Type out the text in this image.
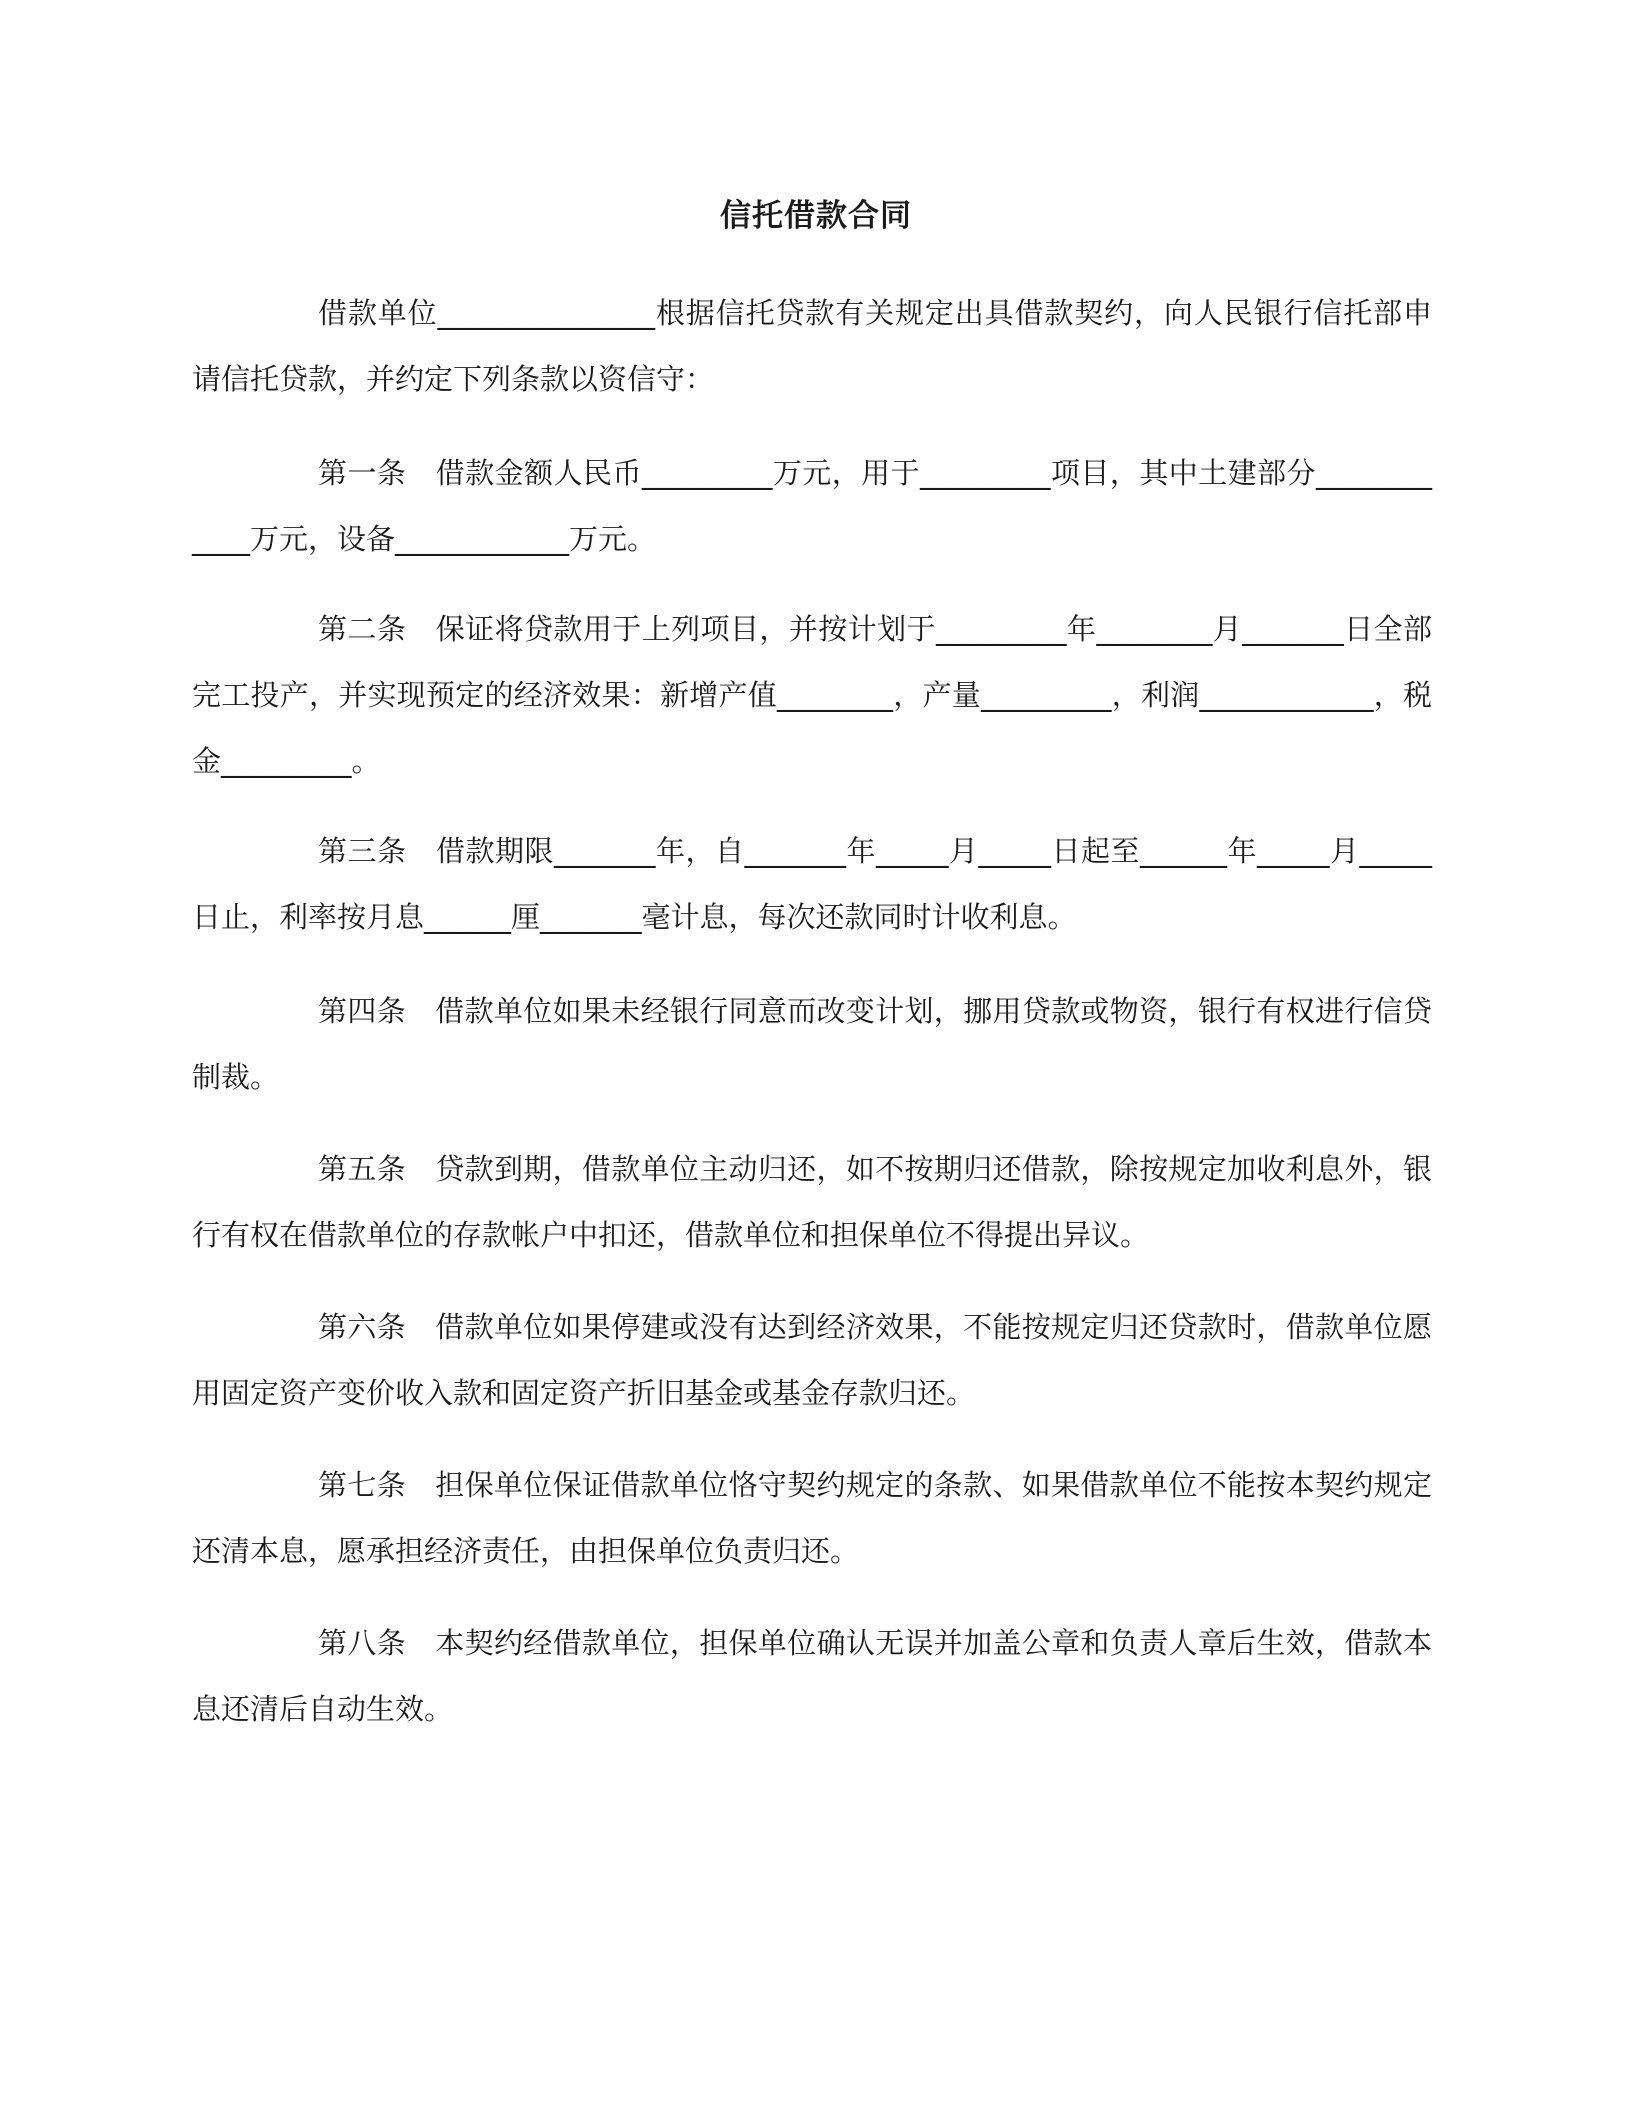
信托借款合同

借款单位_______________根据信托贷款有关规定出具借款契约，向人民银行信托部申请信托贷款，并约定下列条款以资信守：

第一条　借款金额人民币_________万元，用于_________项目，其中土建部分____________万元，设备____________万元。

第二条　保证将贷款用于上列项目，并按计划于_________年________月_______日全部完工投产，并实现预定的经济效果：新增产值________，产量_________，利润____________，税金_________。

第三条　借款期限_______年，自_______年_____月_____日起至______年_____月_____日止，利率按月息______厘_______毫计息，每次还款同时计收利息。

第四条　借款单位如果未经银行同意而改变计划，挪用贷款或物资，银行有权进行信贷制裁。

第五条　贷款到期，借款单位主动归还，如不按期归还借款，除按规定加收利息外，银行有权在借款单位的存款帐户中扣还，借款单位和担保单位不得提出异议。

第六条　借款单位如果停建或没有达到经济效果，不能按规定归还贷款时，借款单位愿用固定资产变价收入款和固定资产折旧基金或基金存款归还。

第七条　担保单位保证借款单位恪守契约规定的条款、如果借款单位不能按本契约规定还清本息，愿承担经济责任，由担保单位负责归还。

第八条　本契约经借款单位，担保单位确认无误并加盖公章和负责人章后生效，借款本息还清后自动生效。
